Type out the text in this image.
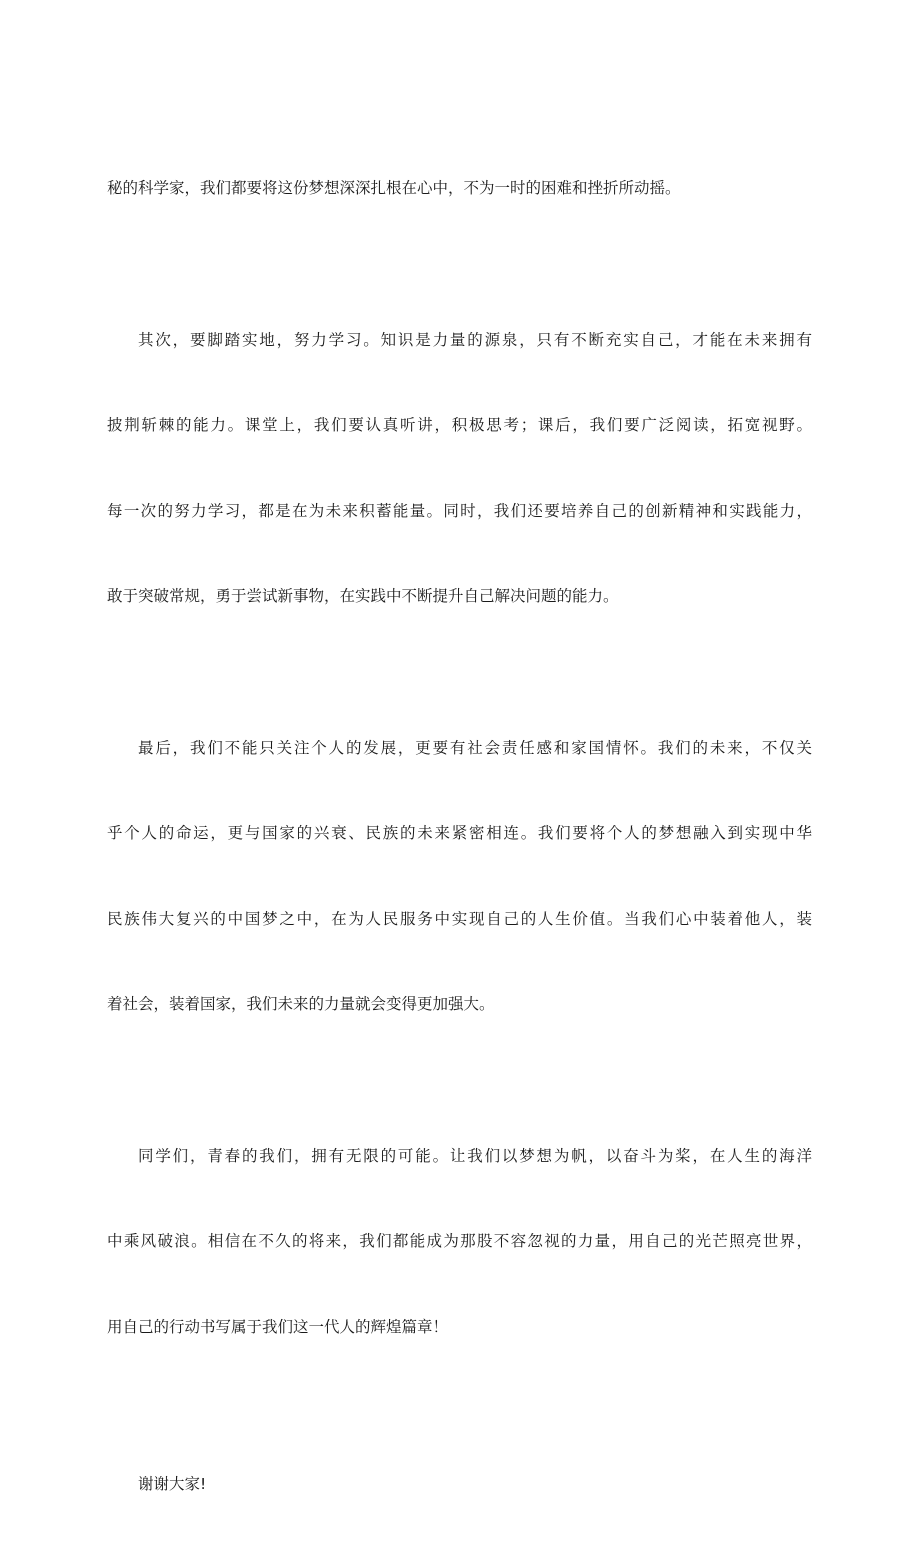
秘的科学家，我们都要将这份梦想深深扎根在心中，不为一时的困难和挫折所动摇。

其次，要脚踏实地，努力学习。知识是力量的源泉，只有不断充实自己，才能在未来拥有

披荆斩棘的能力。课堂上，我们要认真听讲，积极思考；课后，我们要广泛阅读，拓宽视野。

每一次的努力学习，都是在为未来积蓄能量。同时，我们还要培养自己的创新精神和实践能力，

敢于突破常规，勇于尝试新事物，在实践中不断提升自己解决问题的能力。

最后，我们不能只关注个人的发展，更要有社会责任感和家国情怀。我们的未来，不仅关

乎个人的命运，更与国家的兴衰、民族的未来紧密相连。我们要将个人的梦想融入到实现中华

民族伟大复兴的中国梦之中，在为人民服务中实现自己的人生价值。当我们心中装着他人，装

着社会，装着国家，我们未来的力量就会变得更加强大。

同学们，青春的我们，拥有无限的可能。让我们以梦想为帆，以奋斗为桨，在人生的海洋

中乘风破浪。相信在不久的将来，我们都能成为那股不容忽视的力量，用自己的光芒照亮世界，

用自己的行动书写属于我们这一代人的辉煌篇章！

谢谢大家!
